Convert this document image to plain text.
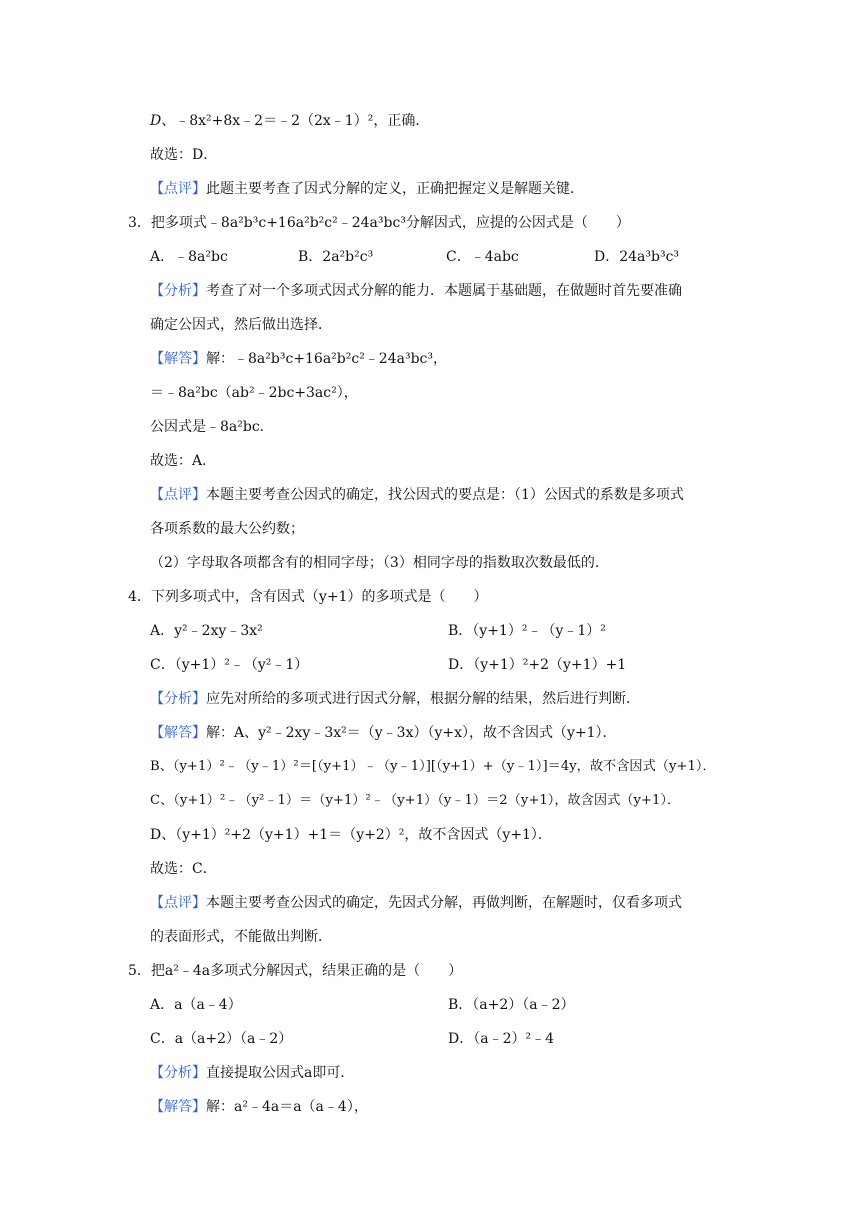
D、﹣8x²+8x﹣2＝﹣2（2x﹣1）²，正确．
故选：D．
【点评】此题主要考查了因式分解的定义，正确把握定义是解题关键．
3．把多项式﹣8a²b³c+16a²b²c²﹣24a³bc³分解因式，应提的公因式是（　　）
A．﹣8a²bc	B．2a²b²c³	C．﹣4abc	D．24a³b³c³
【分析】考查了对一个多项式因式分解的能力．本题属于基础题，在做题时首先要准确
确定公因式，然后做出选择．
【解答】解：﹣8a²b³c+16a²b²c²﹣24a³bc³，
＝﹣8a²bc（ab²﹣2bc+3ac²），
公因式是﹣8a²bc．
故选：A．
【点评】本题主要考查公因式的确定，找公因式的要点是：（1）公因式的系数是多项式
各项系数的最大公约数；
（2）字母取各项都含有的相同字母；（3）相同字母的指数取次数最低的．
4．下列多项式中，含有因式（y+1）的多项式是（　　）
A．y²﹣2xy﹣3x²	B．（y+1）²﹣（y﹣1）²
C．（y+1）²﹣（y²﹣1）	D．（y+1）²+2（y+1）+1
【分析】应先对所给的多项式进行因式分解，根据分解的结果，然后进行判断．
【解答】解：A、y²﹣2xy﹣3x²＝（y﹣3x）（y+x），故不含因式（y+1）．
B、（y+1）²﹣（y﹣1）²＝[（y+1）﹣（y﹣1）][（y+1）+（y﹣1）]＝4y，故不含因式（y+1）．
C、（y+1）²﹣（y²﹣1）＝（y+1）²﹣（y+1）（y﹣1）＝2（y+1），故含因式（y+1）．
D、（y+1）²+2（y+1）+1＝（y+2）²，故不含因式（y+1）．
故选：C．
【点评】本题主要考查公因式的确定，先因式分解，再做判断，在解题时，仅看多项式
的表面形式，不能做出判断．
5．把a²﹣4a多项式分解因式，结果正确的是（　　）
A．a（a﹣4）	B．（a+2）（a﹣2）
C．a（a+2）（a﹣2）	D．（a﹣2）²﹣4
【分析】直接提取公因式a即可．
【解答】解：a²﹣4a＝a（a﹣4），
